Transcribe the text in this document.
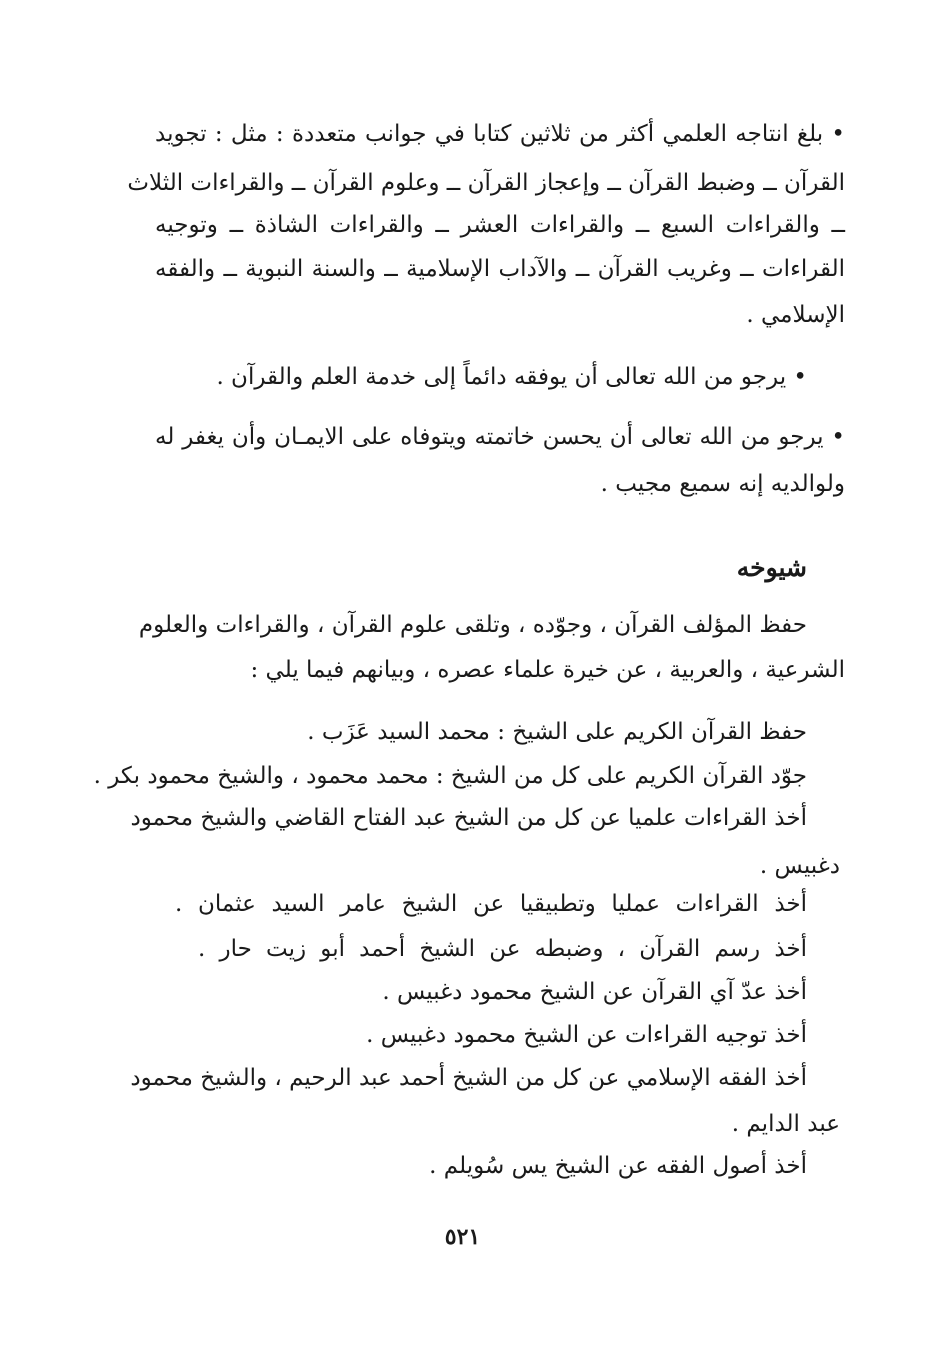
• بلغ انتاجه العلمي أكثر من ثلاثين كتابا في جوانب متعددة : مثل : تجويد
القرآن ــ وضبط القرآن ــ وإعجاز القرآن ــ وعلوم القرآن ــ والقراءات الثلاث
ــ والقراءات السبع ــ والقراءات العشر ــ والقراءات الشاذة ــ وتوجيه
القراءات ــ وغريب القرآن ــ والآداب الإسلامية ــ والسنة النبوية ــ والفقه
الإسلامي .
• يرجو من الله تعالى أن يوفقه دائماً إلى خدمة العلم والقرآن .
• يرجو من الله تعالى أن يحسن خاتمته ويتوفاه على الايمـان وأن يغفر له
ولوالديه إنه سميع مجيب .
شيوخه
حفظ المؤلف القرآن ، وجوّده ، وتلقى علوم القرآن ، والقراءات والعلوم
الشرعية ، والعربية ، عن خيرة علماء عصره ، وبيانهم فيما يلي :
حفظ القرآن الكريم على الشيخ : محمد السيد عَزَب .
جوّد القرآن الكريم على كل من الشيخ : محمد محمود ، والشيخ محمود بكر .
أخذ القراءات علميا عن كل من الشيخ عبد الفتاح القاضي والشيخ محمود
دغبيس .
أخذ القراءات عمليا وتطبيقيا عن الشيخ عامر السيد عثمان .
أخذ رسم القرآن ، وضبطه عن الشيخ أحمد أبو زيت حار .
أخذ عدّ آي القرآن عن الشيخ محمود دغبيس .
أخذ توجيه القراءات عن الشيخ محمود دغبيس .
أخذ الفقه الإسلامي عن كل من الشيخ أحمد عبد الرحيم ، والشيخ محمود
عبد الدايم .
أخذ أصول الفقه عن الشيخ يس سُويلم .
٥٢١
